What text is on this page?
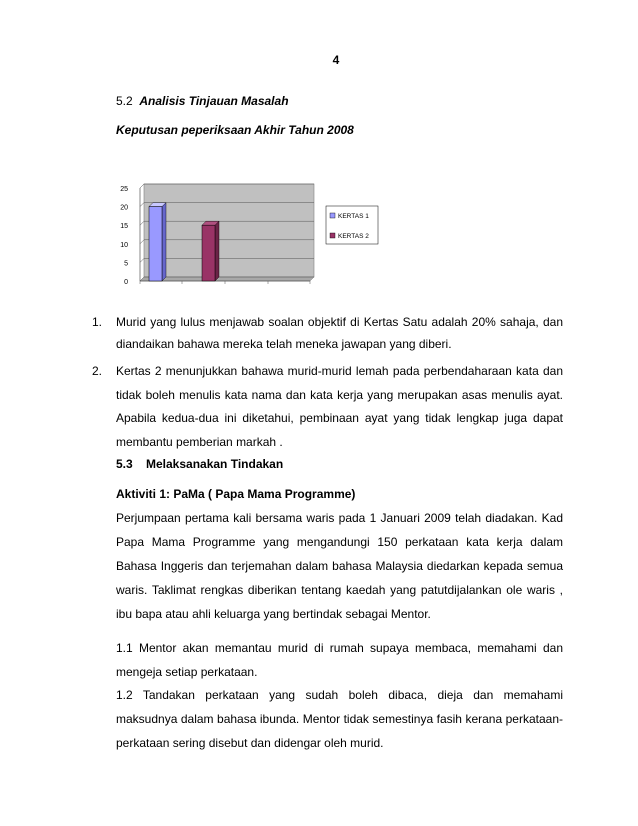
4
5.2 Analisis Tinjauan Masalah
Keputusan peperiksaan Akhir Tahun 2008
25
20
15
10
5
0
KERTAS 1
KERTAS 2
1. Murid yang lulus menjawab soalan objektif di Kertas Satu adalah 20% sahaja, dan diandaikan bahawa mereka telah meneka jawapan yang diberi.
2. Kertas 2 menunjukkan bahawa murid-murid lemah pada perbendaharaan kata dan tidak boleh menulis kata nama dan kata kerja yang merupakan asas menulis ayat. Apabila kedua-dua ini diketahui, pembinaan ayat yang tidak lengkap juga dapat membantu pemberian markah .
5.3 Melaksanakan Tindakan
Aktiviti 1: PaMa ( Papa Mama Programme)
Perjumpaan pertama kali bersama waris pada 1 Januari 2009 telah diadakan. Kad Papa Mama Programme yang mengandungi 150 perkataan kata kerja dalam Bahasa Inggeris dan terjemahan dalam bahasa Malaysia diedarkan kepada semua waris. Taklimat rengkas diberikan tentang kaedah yang patutdijalankan ole waris , ibu bapa atau ahli keluarga yang bertindak sebagai Mentor.
1.1 Mentor akan memantau murid di rumah supaya membaca, memahami dan mengeja setiap perkataan.
1.2 Tandakan perkataan yang sudah boleh dibaca, dieja dan memahami maksudnya dalam bahasa ibunda. Mentor tidak semestinya fasih kerana perkataan-perkataan sering disebut dan didengar oleh murid.
